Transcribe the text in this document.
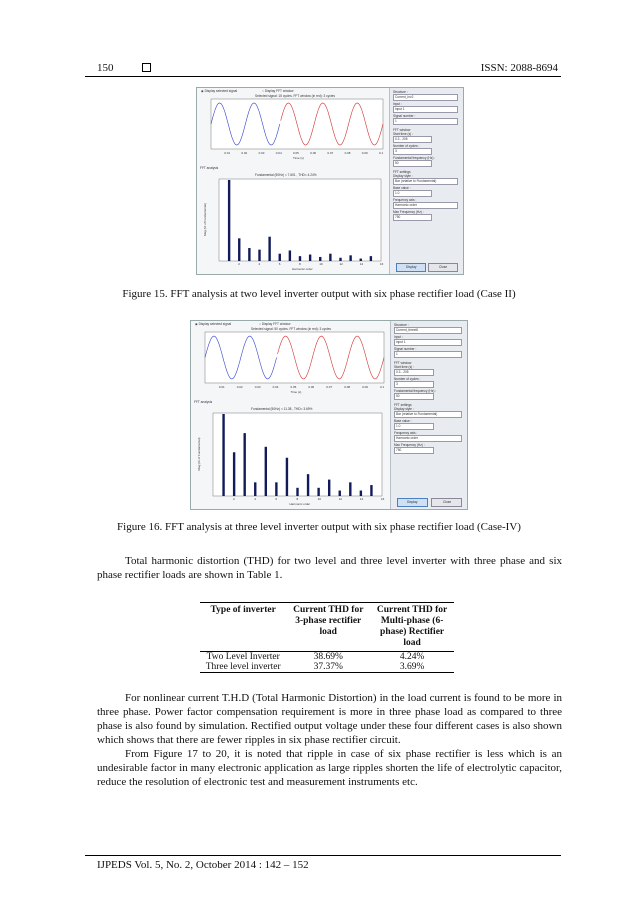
150	ISSN: 2088-8694
◉ Display selected signal	○ Display FFT window
Selected signal: 15 cycles. FFT window (in red): 3 cycles
0.01	0.02	0.03	0.04	0.05	0.06	0.07	0.08	0.09	0.1
Time (s)
FFT analysis
Fundamental (50Hz) = 7.601 , THD= 4.24%
Mag (% of Fundamental)
2	4	6	8	10	12	14	16
Harmonic order
Structure :
Current_Inv2
Input :
input 1
Signal number :
1
FFT window
Start time (s) :
0.3 - 205
Number of cycles :
3
Fundamental frequency (Hz) :
50
FFT settings
Display style :
Bar (relative to Fundamental)
Base value :
1.0
Frequency axis :
Harmonic order
Max Frequency (Hz) :
750
Display	Close
Figure 15. FFT analysis at two level inverter output with six phase rectifier load (Case II)
◉ Display selected signal	○ Display FFT window
Selected signal: 50 cycles. FFT window (in red): 3 cycles
0.01	0.02	0.03	0.04	0.05	0.06	0.07	0.08	0.09	0.1
Time (s)
FFT analysis
Fundamental (50Hz) = 11.38 , THD= 3.69%
Mag (% of Fundamental)
2	4	6	8	10	12	14	16
Harmonic order
Structure :
Current_threel0
Input :
input 1
Signal number :
1
FFT window
Start time (s) :
0.3 - 205
Number of cycles :
3
Fundamental frequency (Hz) :
50
FFT settings
Display style :
Bar (relative to Fundamental)
Base value :
1.0
Frequency axis :
Harmonic order
Max Frequency (Hz) :
750
Display	Close
Figure 16. FFT analysis at three level inverter output with six phase rectifier load (Case-IV)
Total harmonic distortion (THD) for two level and three level inverter with three phase and six phase rectifier loads are shown in Table 1.
Type of inverter	Current THD for 3-phase rectifier load	Current THD for Multi-phase (6-phase) Rectifier load
Two Level Inverter	38.69%	4.24%
Three level inverter	37.37%	3.69%
For nonlinear current T.H.D (Total Harmonic Distortion) in the load current is found to be more in three phase. Power factor compensation requirement is more in three phase load as compared to three phase is also found by simulation. Rectified output voltage under these four different cases is also shown which shows that there are fewer ripples in six phase rectifier circuit.
From Figure 17 to 20, it is noted that ripple in case of six phase rectifier is less which is an undesirable factor in many electronic application as large ripples shorten the life of electrolytic capacitor, reduce the resolution of electronic test and measurement instruments etc.
IJPEDS Vol. 5, No. 2, October 2014 : 142 – 152
